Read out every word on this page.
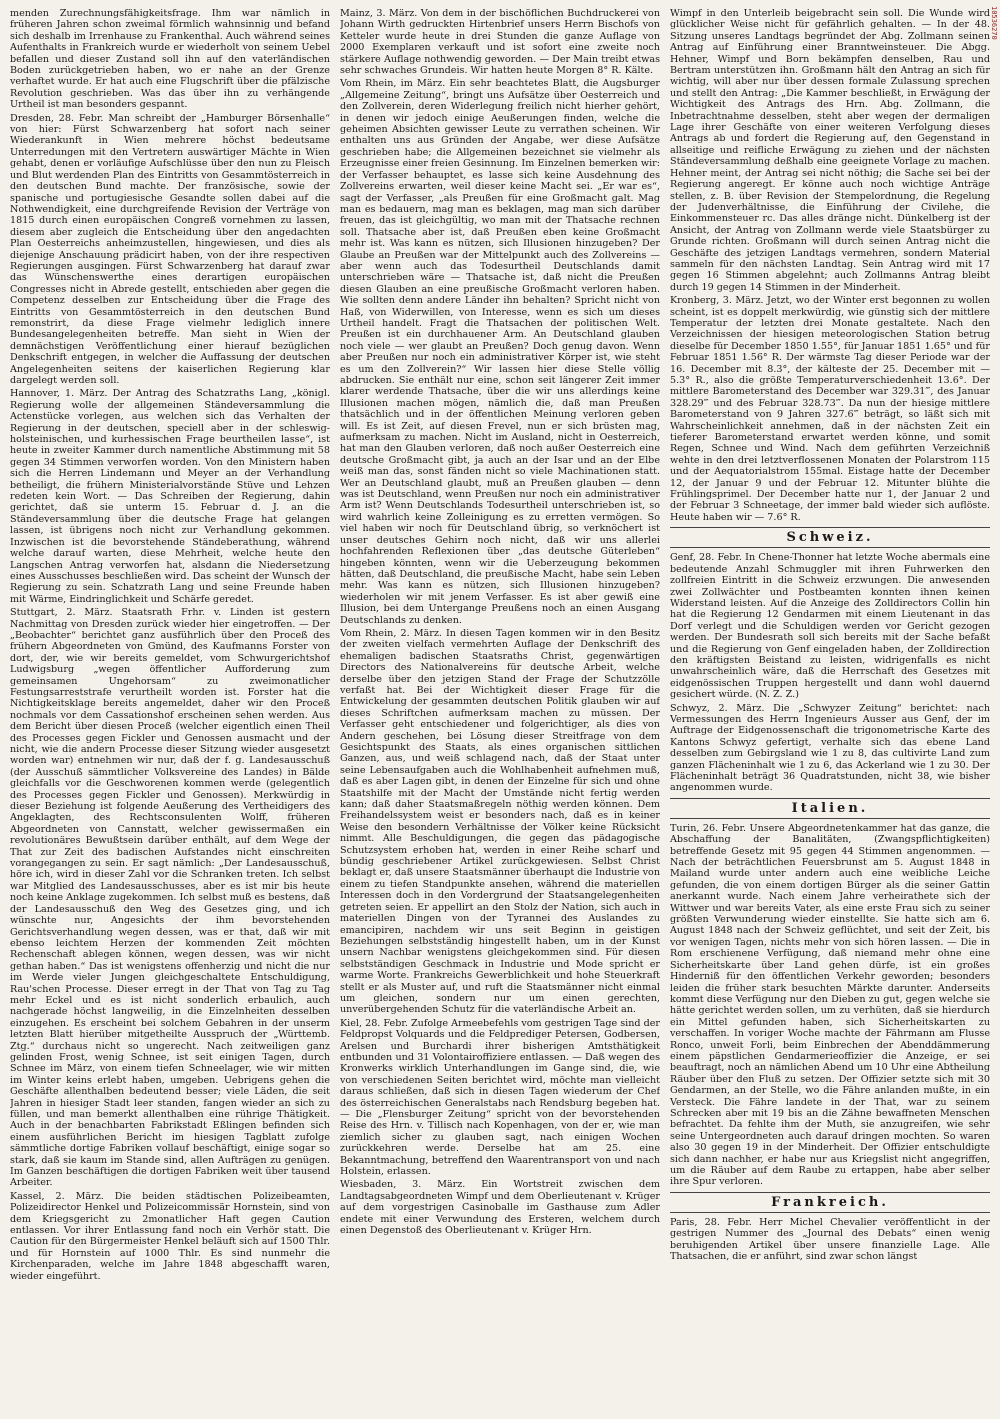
10536270

menden Zurechnungsfähigkeitsfrage. Ihm war nämlich in früheren Jahren schon zweimal förmlich wahnsinnig und befand sich deshalb im Irrenhause zu Frankenthal. Auch während seines Aufenthalts in Frankreich wurde er wiederholt von seinem Uebel befallen und dieser Zustand soll ihn auf den vaterländischen Boden zurückgetrieben haben, wo er nahe an der Grenze verhaftet wurde. Er hat auch eine Flugschrift über die pfälzische Revolution geschrieben. Was das über ihn zu verhängende Urtheil ist man besonders gespannt.

Dresden, 28. Febr. Man schreibt der „Hamburger Börsenhalle“ von hier: Fürst Schwarzenberg hat sofort nach seiner Wiederankunft in Wien mehrere höchst bedeutsame Unterredungen mit den Vertretern auswärtiger Mächte in Wien gehabt, denen er vorläufige Aufschlüsse über den nun zu Fleisch und Blut werdenden Plan des Eintritts von Gesammtösterreich in den deutschen Bund machte. Der französische, sowie der spanische und portugiesische Gesandte sollen dabei auf die Nothwendigkeit, eine durchgreifende Revision der Verträge von 1815 durch einen europäischen Congreß vornehmen zu lassen, diesem aber zugleich die Entscheidung über den angedachten Plan Oesterreichs anheimzustellen, hingewiesen, und dies als diejenige Anschauung prädicirt haben, von der ihre respectiven Regierungen ausgingen. Fürst Schwarzenberg hat darauf zwar das Wünschenswerthe eines derartigen europäischen Congresses nicht in Abrede gestellt, entschieden aber gegen die Competenz desselben zur Entscheidung über die Frage des Eintritts von Gesammtösterreich in den deutschen Bund remonstrirt, da diese Frage vielmehr lediglich innere Bundesangelegenheiten betreffe. Man sieht in Wien der demnächstigen Veröffentlichung einer hierauf bezüglichen Denkschrift entgegen, in welcher die Auffassung der deutschen Angelegenheiten seitens der kaiserlichen Regierung klar dargelegt werden soll.

Hannover, 1. März. Der Antrag des Schatzraths Lang, „königl. Regierung wolle der allgemeinen Ständeversammlung die Actenstücke vorlegen, aus welchen sich das Verhalten der Regierung in der deutschen, speciell aber in der schleswig-holsteinischen, und kurhessischen Frage beurtheilen lasse“, ist heute in zweiter Kammer durch namentliche Abstimmung mit 58 gegen 34 Stimmen verworfen worden. Von den Ministern haben sich die Herren Lindemann und Meyer an der Verhandlung betheiligt, die frühern Ministerialvorstände Stüve und Lehzen redeten kein Wort. — Das Schreiben der Regierung, dahin gerichtet, daß sie unterm 15. Februar d. J. an die Ständeversammlung über die deutsche Frage hat gelangen lassen, ist übrigens noch nicht zur Verhandlung gekommen. Inzwischen ist die bevorstehende Ständeberathung, während welche darauf warten, diese Mehrheit, welche heute den Langschen Antrag verworfen hat, alsdann die Niedersetzung eines Ausschusses beschließen wird. Das scheint der Wunsch der Regierung zu sein. Schatzrath Lang und seine Freunde haben mit Wärme, Eindringlichkeit und Schärfe geredet.

Stuttgart, 2. März. Staatsrath Frhr. v. Linden ist gestern Nachmittag von Dresden zurück wieder hier eingetroffen. — Der „Beobachter“ berichtet ganz ausführlich über den Proceß des frühern Abgeordneten von Gmünd, des Kaufmanns Forster von dort, der, wie wir bereits gemeldet, vom Schwurgerichtshof Ludwigsburg „wegen öffentlicher Aufforderung zum gemeinsamen Ungehorsam“ zu zweimonatlicher Festungsarreststrafe verurtheilt worden ist. Forster hat die Nichtigkeitsklage bereits angemeldet, daher wir den Proceß nochmals vor dem Cassationshof erscheinen sehen werden. Aus dem Bericht über diesen Proceß (welcher eigentlich einen Theil des Processes gegen Fickler und Genossen ausmacht und der nicht, wie die andern Processe dieser Sitzung wieder ausgesetzt worden war) entnehmen wir nur, daß der f. g. Landesausschuß (der Ausschuß sämmtlicher Volksvereine des Landes) in Bälde gleichfalls vor die Geschworenen kommen werde (gelegentlich des Processes gegen Fickler und Genossen). Merkwürdig in dieser Beziehung ist folgende Aeußerung des Vertheidigers des Angeklagten, des Rechtsconsulenten Wolff, früheren Abgeordneten von Cannstatt, welcher gewissermaßen ein revolutionäres Bewußtsein darüber enthält, auf dem Wege der That zur Zeit des badischen Aufstandes nicht einschreiten vorangegangen zu sein. Er sagt nämlich: „Der Landesausschuß, höre ich, wird in dieser Zahl vor die Schranken treten. Ich selbst war Mitglied des Landesausschusses, aber es ist mir bis heute noch keine Anklage zugekommen. Ich selbst muß es bestens, daß der Landesausschuß den Weg des Gesetzes ging, und ich wünschte nur, Angesichts der ihm bevorstehenden Gerichtsverhandlung wegen dessen, was er that, daß wir mit ebenso leichtem Herzen der kommenden Zeit möchten Rechenschaft ablegen können, wegen dessen, was wir nicht gethan haben.“ Das ist wenigstens offenherzig und nicht die nur im Werde vieler Jungen gleichgeschaltete Entschuldigung, Rau'schen Processe. Dieser erregt in der That von Tag zu Tag mehr Eckel und es ist nicht sonderlich erbaulich, auch nachgerade höchst langweilig, in die Einzelnheiten desselben einzugehen. Es erscheint bei solchem Gebahren in der unserm letzten Blatt hierüber mitgetheilte Ausspruch der „Württemb. Ztg.“ durchaus nicht so ungerecht. Nach zeitweiligen ganz gelinden Frost, wenig Schnee, ist seit einigen Tagen, durch Schnee im März, von einem tiefen Schneelager, wie wir mitten im Winter keins erlebt haben, umgeben. Uebrigens gehen die Geschäfte allenthalben bedeutend besser; viele Läden, die seit Jahren in hiesiger Stadt leer standen, fangen wieder an sich zu füllen, und man bemerkt allenthalben eine rührige Thätigkeit. Auch in der benachbarten Fabrikstadt Eßlingen befinden sich einem ausführlichen Bericht im hiesigen Tagblatt zufolge sämmtliche dortige Fabriken vollauf beschäftigt, einige sogar so stark, daß sie kaum im Stande sind, allen Aufträgen zu genügen. Im Ganzen beschäftigen die dortigen Fabriken weit über tausend Arbeiter.

Kassel, 2. März. Die beiden städtischen Polizeibeamten, Polizeidirector Henkel und Polizeicommissär Hornstein, sind von dem Kriegsgericht zu 2monatlicher Haft gegen Caution entlassen. Vor ihrer Entlassung fand noch ein Verhör statt. Die Caution für den Bürgermeister Henkel beläuft sich auf 1500 Thlr. und für Hornstein auf 1000 Thlr. Es sind nunmehr die Kirchenparaden, welche im Jahre 1848 abgeschafft waren, wieder eingeführt.

Mainz, 3. März. Von dem in der bischöflichen Buchdruckerei von Johann Wirth gedruckten Hirtenbrief unsers Herrn Bischofs von Ketteler wurde heute in drei Stunden die ganze Auflage von 2000 Exemplaren verkauft und ist sofort eine zweite noch stärkere Auflage nothwendig geworden. — Der Main treibt etwas sehr schwaches Grundeis. Wir hatten heute Morgen 8° R. Kälte.

Vom Rhein, im März. Ein sehr beachtetes Blatt, die Augsburger „Allgemeine Zeitung“, bringt uns Aufsätze über Oesterreich und den Zollverein, deren Widerlegung freilich nicht hierher gehört, in denen wir jedoch einige Aeußerungen finden, welche die geheimen Absichten gewisser Leute zu verrathen scheinen. Wir enthalten uns aus Gründen der Angabe, wer diese Aufsätze geschrieben habe; die Allgemeinen bezeichnet sie vielmehr als Erzeugnisse einer freien Gesinnung. Im Einzelnen bemerken wir: der Verfasser behauptet, es lasse sich keine Ausdehnung des Zollvereins erwarten, weil dieser keine Macht sei. „Er war es“, sagt der Verfasser, „als Preußen für eine Großmacht galt. Mag man es bedauern, mag man es beklagen, mag man sich darüber freuen, das ist gleichgültig, wo man mit der Thatsache rechnen soll. Thatsache aber ist, daß Preußen eben keine Großmacht mehr ist. Was kann es nützen, sich Illusionen hinzugeben? Der Glaube an Preußen war der Mittelpunkt auch des Zollvereins — aber wenn auch das Todesurtheil Deutschlands damit unterschrieben wäre — Thatsache ist, daß nicht die Preußen diesen Glauben an eine preußische Großmacht verloren haben. Wie sollten denn andere Länder ihn behalten? Spricht nicht von Haß, von Widerwillen, von Interesse, wenn es sich um dieses Urtheil handelt. Fragt die Thatsachen der politischen Welt. Preußen ist ein durchhauener Arm. An Deutschland glauben noch viele — wer glaubt an Preußen? Doch genug davon. Wenn aber Preußen nur noch ein administrativer Körper ist, wie steht es um den Zollverein?“ Wir lassen hier diese Stelle völlig abdrucken. Sie enthält nur eine, schon seit längerer Zeit immer klarer werdende Thatsache, über die wir uns allerdings keine Illusionen machen mögen, nämlich die, daß man Preußen thatsächlich und in der öffentlichen Meinung verloren geben will. Es ist Zeit, auf diesen Frevel, nun er sich brüsten mag, aufmerksam zu machen. Nicht im Ausland, nicht in Oesterreich, hat man den Glauben verloren, daß noch außer Oesterreich eine deutsche Großmacht gibt, ja auch an der Isar und an der Elbe weiß man das, sonst fänden nicht so viele Machinationen statt. Wer an Deutschland glaubt, muß an Preußen glauben — denn was ist Deutschland, wenn Preußen nur noch ein administrativer Arm ist? Wenn Deutschlands Todesurtheil unterschrieben ist, so wird wahrlich keine Zolleinigung es zu erretten vermögen. So viel haben wir noch für Deutschland übrig, so verknöchert ist unser deutsches Gehirn noch nicht, daß wir uns allerlei hochfahrenden Reflexionen über „das deutsche Güterleben“ hingeben könnten, wenn wir die Ueberzeugung bekommen hätten, daß Deutschland, die preußische Macht, habe sein Leben mehr. Was kann es nützen, sich Illusionen hinzugeben? wiederholen wir mit jenem Verfasser. Es ist aber gewiß eine Illusion, bei dem Untergange Preußens noch an einen Ausgang Deutschlands zu denken.

Vom Rhein, 2. März. In diesen Tagen kommen wir in den Besitz der zweiten vielfach vermehrten Auflage der Denkschrift des ehemaligen badischen Staatsraths Christ, gegenwärtigen Directors des Nationalvereins für deutsche Arbeit, welche derselbe über den jetzigen Stand der Frage der Schutzzölle verfaßt hat. Bei der Wichtigkeit dieser Frage für die Entwickelung der gesammten deutschen Politik glauben wir auf dieses Schriftchen aufmerksam machen zu müssen. Der Verfasser geht entschiedener und folgerichtiger, als dies von Andern geschehen, bei Lösung dieser Streitfrage von dem Gesichtspunkt des Staats, als eines organischen sittlichen Ganzen, aus, und weiß schlagend nach, daß der Staat unter seine Lebensaufgaben auch die Wohlhabenheit aufnehmen muß, daß es aber Lagen gibt, in denen der Einzelne für sich und ohne Staatshilfe mit der Macht der Umstände nicht fertig werden kann; daß daher Staatsmaßregeln nöthig werden können. Dem Freihandelssystem weist er besonders nach, daß es in keiner Weise den besondern Verhältnisse der Völker keine Rücksicht nimmt. Alle Beschuldigungen, die gegen das pädagogische Schutzsystem erhoben hat, werden in einer Reihe scharf und bündig geschriebener Artikel zurückgewiesen. Selbst Christ beklagt er, daß unsere Staatsmänner überhaupt die Industrie von einem zu tiefen Standpunkte ansehen, während die materiellen Interessen doch in den Vordergrund der Staatsangelegenheiten getreten seien. Er appellirt an den Stolz der Nation, sich auch in materiellen Dingen von der Tyrannei des Auslandes zu emancipiren, nachdem wir uns seit Beginn in geistigen Beziehungen selbstständig hingestellt haben, um in der Kunst unsern Nachbar wenigstens gleichgekommen sind. Für diesen selbstständigen Geschmack in Industrie und Mode spricht er warme Worte. Frankreichs Gewerblichkeit und hohe Steuerkraft stellt er als Muster auf, und ruft die Staatsmänner nicht einmal um gleichen, sondern nur um einen gerechten, unverübergehenden Schutz für die vaterländische Arbeit an.

Kiel, 28. Febr. Zufolge Armeebefehls vom gestrigen Tage sind der Feldpropst Volquards und die Feldprediger Petersen, Godbersen, Arelsen und Burchardi ihrer bisherigen Amtsthätigkeit entbunden und 31 Volontairoffiziere entlassen. — Daß wegen des Kronwerks wirklich Unterhandlungen im Gange sind, die, wie von verschiedenen Seiten berichtet wird, möchte man vielleicht daraus schließen, daß sich in diesen Tagen wiederum der Chef des österreichischen Generalstabs nach Rendsburg begeben hat. — Die „Flensburger Zeitung“ spricht von der bevorstehenden Reise des Hrn. v. Tillisch nach Kopenhagen, von der er, wie man ziemlich sicher zu glauben sagt, nach einigen Wochen zurückkehren werde. Derselbe hat am 25. eine Bekanntmachung, betreffend den Waarentransport von und nach Holstein, erlassen.

Wiesbaden, 3. März. Ein Wortstreit zwischen dem Landtagsabgeordneten Wimpf und dem Oberlieutenant v. Krüger auf dem vorgestrigen Casinoballe im Gasthause zum Adler endete mit einer Verwundung des Ersteren, welchem durch einen Degenstoß des Oberlieutenant v. Krüger Hrn.

Wimpf in den Unterleib beigebracht sein soll. Die Wunde wird glücklicher Weise nicht für gefährlich gehalten. — In der 48. Sitzung unseres Landtags begründet der Abg. Zollmann seinen Antrag auf Einführung einer Branntweinsteuer. Die Abgg. Hehner, Wimpf und Born bekämpfen denselben, Rau und Bertram unterstützen ihn. Großmann hält den Antrag an sich für wichtig, will aber nur über dessen formale Zulassung sprechen und stellt den Antrag: „Die Kammer beschließt, in Erwägung der Wichtigkeit des Antrags des Hrn. Abg. Zollmann, die Inbetrachtnahme desselben, steht aber wegen der dermaligen Lage ihrer Geschäfte von einer weiteren Verfolgung dieses Antrags ab und fordert die Regierung auf, den Gegenstand in allseitige und reifliche Erwägung zu ziehen und der nächsten Ständeversammlung deßhalb eine geeignete Vorlage zu machen. Hehner meint, der Antrag sei nicht nöthig; die Sache sei bei der Regierung angeregt. Er könne auch noch wichtige Anträge stellen, z. B. über Revision der Stempelordnung, die Regelung der Judenverhältnisse, die Einführung der Civilehe, die Einkommensteuer rc. Das alles dränge nicht. Dünkelberg ist der Ansicht, der Antrag von Zollmann werde viele Staatsbürger zu Grunde richten. Großmann will durch seinen Antrag nicht die Geschäfte des jetzigen Landtags vermehren, sondern Material sammeln für den nächsten Landtag. Sein Antrag wird mit 17 gegen 16 Stimmen abgelehnt; auch Zollmanns Antrag bleibt durch 19 gegen 14 Stimmen in der Minderheit.

Kronberg, 3. März. Jetzt, wo der Winter erst begonnen zu wollen scheint, ist es doppelt merkwürdig, wie günstig sich der mittlere Temperatur der letzten drei Monate gestaltete. Nach den Verzeichnissen der hiesigen meteorologischen Station betrug dieselbe für December 1850 1.55°, für Januar 1851 1.65° und für Februar 1851 1.56° R. Der wärmste Tag dieser Periode war der 16. December mit 8.3°, der kälteste der 25. December mit — 5.3° R., also die größte Temperaturverschiedenheit 13.6°. Der mittlere Barometerstand des December war 329.31‴, des Januar 328.29‴ und des Februar 328.73‴. Da nun der hiesige mittlere Barometerstand von 9 Jahren 327.6‴ beträgt, so läßt sich mit Wahrscheinlichkeit annehmen, daß in der nächsten Zeit ein tieferer Barometerstand erwartet werden könne, und somit Regen, Schnee und Wind. Nach dem geführten Verzeichniß wehte in den drei letztverflossenen Monaten der Polarstrom 115 und der Aequatorialstrom 155mal. Eistage hatte der December 12, der Januar 9 und der Februar 12. Mitunter blühte die Frühlingsprimel. Der December hatte nur 1, der Januar 2 und der Februar 3 Schneetage, der immer bald wieder sich auflöste. Heute haben wir — 7.6° R.

Schweiz.

Genf, 28. Febr. In Chene-Thonner hat letzte Woche abermals eine bedeutende Anzahl Schmuggler mit ihren Fuhrwerken den zollfreien Eintritt in die Schweiz erzwungen. Die anwesenden zwei Zollwächter und Postbeamten konnten ihnen keinen Widerstand leisten. Auf die Anzeige des Zolldirectors Collin hin hat die Regierung 12 Gendarmen mit einem Lieutenant in das Dorf verlegt und die Schuldigen werden vor Gericht gezogen werden. Der Bundesrath soll sich bereits mit der Sache befaßt und die Regierung von Genf eingeladen haben, der Zolldirection den kräftigsten Beistand zu leisten, widrigenfalls es nicht unwahrscheinlich wäre, daß die Herrschaft des Gesetzes mit eidgenössischen Truppen hergestellt und dann wohl dauernd gesichert würde. (N. Z. Z.)

Schwyz, 2. März. Die „Schwyzer Zeitung“ berichtet: nach Vermessungen des Herrn Ingenieurs Ausser aus Genf, der im Auftrage der Eidgenossenschaft die trigonometrische Karte des Kantons Schwyz gefertigt, verhalte sich das ebene Land desselben zum Gebirgsland wie 1 zu 8, das cultivirte Land zum ganzen Flächeninhalt wie 1 zu 6, das Ackerland wie 1 zu 30. Der Flächeninhalt beträgt 36 Quadratstunden, nicht 38, wie bisher angenommen wurde.

Italien.

Turin, 26. Febr. Unsere Abgeordnetenkammer hat das ganze, die Abschaffung der Banalitäten, (Zwangspflichtigkeiten) betreffende Gesetz mit 95 gegen 44 Stimmen angenommen. — Nach der beträchtlichen Feuersbrunst am 5. August 1848 in Mailand wurde unter andern auch eine weibliche Leiche gefunden, die von einem dortigen Bürger als die seiner Gattin anerkannt wurde. Nach einem Jahre verheirathete sich der Wittwer und war bereits Vater, als eine erste Frau sich zu seiner größten Verwunderung wieder einstellte. Sie hatte sich am 6. August 1848 nach der Schweiz geflüchtet, und seit der Zeit, bis vor wenigen Tagen, nichts mehr von sich hören lassen. — Die in Rom erschienene Verfügung, daß niemand mehr ohne eine Sicherheitskarte über Land gehen dürfe, ist ein großes Hinderniß für den öffentlichen Verkehr geworden; besonders leiden die früher stark besuchten Märkte darunter. Anderseits kommt diese Verfügung nur den Dieben zu gut, gegen welche sie hätte gerichtet werden sollen, um zu verhüten, daß sie hierdurch ein Mittel gefunden haben, sich Sicherheitskarten zu verschaffen. In voriger Woche machte der Fährmann am Flusse Ronco, unweit Forli, beim Einbrechen der Abenddämmerung einem päpstlichen Gendarmerieoffizier die Anzeige, er sei beauftragt, noch an nämlichen Abend um 10 Uhr eine Abtheilung Räuber über den Fluß zu setzen. Der Offizier setzte sich mit 30 Gendarmen, an der Stelle, wo die Fähre anlanden mußte, in ein Versteck. Die Fähre landete in der That, war zu seinem Schrecken aber mit 19 bis an die Zähne bewaffneten Menschen befrachtet. Da fehlte ihm der Muth, sie anzugreifen, wie sehr seine Untergeordneten auch darauf dringen mochten. So waren also 30 gegen 19 in der Minderheit. Der Offizier entschuldigte sich dann nachher, er habe nur aus Kriegslist nicht angegriffen, um die Räuber auf dem Raube zu ertappen, habe aber selber ihre Spur verloren.

Frankreich.

Paris, 28. Febr. Herr Michel Chevalier veröffentlicht in der gestrigen Nummer des „Journal des Debats“ einen wenig beruhigenden Artikel über unsere finanzielle Lage. Alle Thatsachen, die er anführt, sind zwar schon längst
